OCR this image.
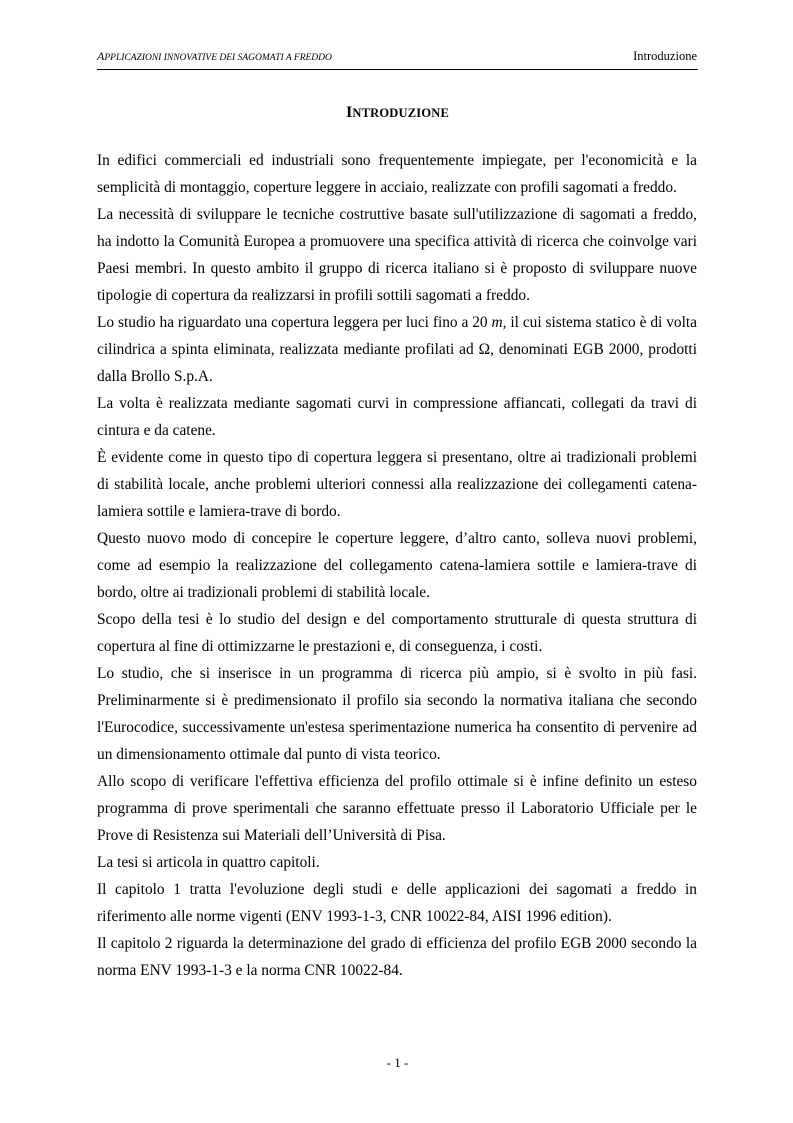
APPLICAZIONI INNOVATIVE DEI SAGOMATI A FREDDO	Introduzione
INTRODUZIONE

In edifici commerciali ed industriali sono frequentemente impiegate, per l'economicità e la semplicità di montaggio, coperture leggere in acciaio, realizzate con profili sagomati a freddo.

La necessità di sviluppare le tecniche costruttive basate sull'utilizzazione di sagomati a freddo, ha indotto la Comunità Europea a promuovere una specifica attività di ricerca che coinvolge vari Paesi membri. In questo ambito il gruppo di ricerca italiano si è proposto di sviluppare nuove tipologie di copertura da realizzarsi in profili sottili sagomati a freddo.

Lo studio ha riguardato una copertura leggera per luci fino a 20 m, il cui sistema statico è di volta cilindrica a spinta eliminata, realizzata mediante profilati ad Ω, denominati EGB 2000, prodotti dalla Brollo S.p.A.

La volta è realizzata mediante sagomati curvi in compressione affiancati, collegati da travi di cintura e da catene.

È evidente come in questo tipo di copertura leggera si presentano, oltre ai tradizionali problemi di stabilità locale, anche problemi ulteriori connessi alla realizzazione dei collegamenti catena-lamiera sottile e lamiera-trave di bordo.

Questo nuovo modo di concepire le coperture leggere, d’altro canto, solleva nuovi problemi, come ad esempio la realizzazione del collegamento catena-lamiera sottile e lamiera-trave di bordo, oltre ai tradizionali problemi di stabilità locale.

Scopo della tesi è lo studio del design e del comportamento strutturale di questa struttura di copertura al fine di ottimizzarne le prestazioni e, di conseguenza, i costi.

Lo studio, che si inserisce in un programma di ricerca più ampio, si è svolto in più fasi. Preliminarmente si è predimensionato il profilo sia secondo la normativa italiana che secondo l'Eurocodice, successivamente un'estesa sperimentazione numerica ha consentito di pervenire ad un dimensionamento ottimale dal punto di vista teorico.

Allo scopo di verificare l'effettiva efficienza del profilo ottimale si è infine definito un esteso programma di prove sperimentali che saranno effettuate presso il Laboratorio Ufficiale per le Prove di Resistenza sui Materiali dell’Università di Pisa.

La tesi si articola in quattro capitoli.

Il capitolo 1 tratta l'evoluzione degli studi e delle applicazioni dei sagomati a freddo in riferimento alle norme vigenti (ENV 1993-1-3, CNR 10022-84, AISI 1996 edition).

Il capitolo 2 riguarda la determinazione del grado di efficienza del profilo EGB 2000 secondo la norma ENV 1993-1-3 e la norma CNR 10022-84.

- 1 -
